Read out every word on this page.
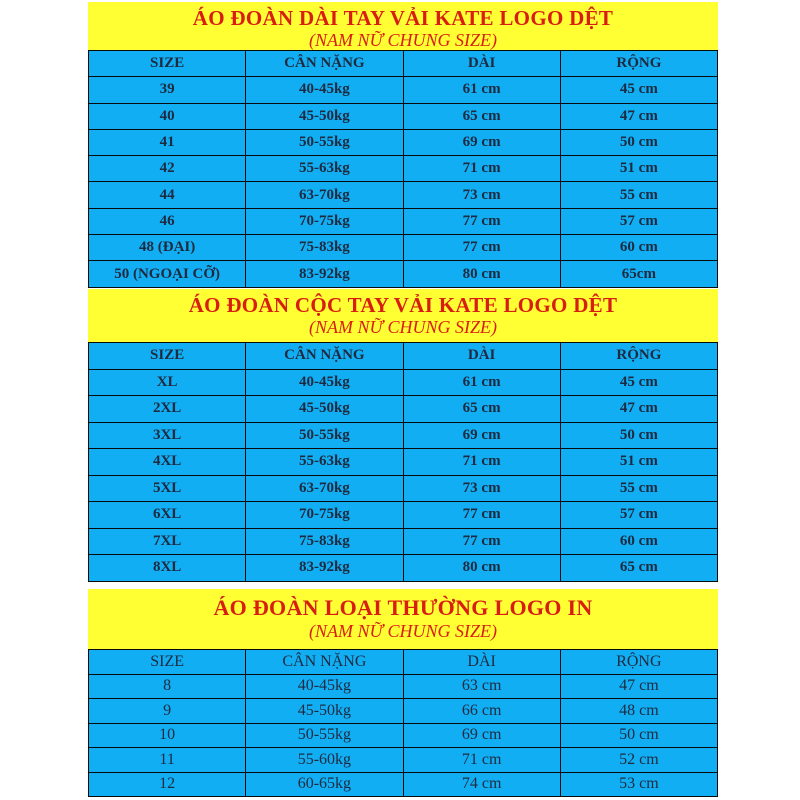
ÁO ĐOÀN DÀI TAY VẢI KATE LOGO DỆT
(NAM NỮ CHUNG SIZE)
SIZE	CÂN NẶNG	DÀI	RỘNG
39	40-45kg	61 cm	45 cm
40	45-50kg	65 cm	47 cm
41	50-55kg	69 cm	50 cm
42	55-63kg	71 cm	51 cm
44	63-70kg	73 cm	55 cm
46	70-75kg	77 cm	57 cm
48 (ĐẠI)	75-83kg	77 cm	60 cm
50 (NGOẠI CỠ)	83-92kg	80 cm	65cm
ÁO ĐOÀN CỘC TAY VẢI KATE LOGO DỆT
(NAM NỮ CHUNG SIZE)
SIZE	CÂN NẶNG	DÀI	RỘNG
XL	40-45kg	61 cm	45 cm
2XL	45-50kg	65 cm	47 cm
3XL	50-55kg	69 cm	50 cm
4XL	55-63kg	71 cm	51 cm
5XL	63-70kg	73 cm	55 cm
6XL	70-75kg	77 cm	57 cm
7XL	75-83kg	77 cm	60 cm
8XL	83-92kg	80 cm	65 cm
ÁO ĐOÀN LOẠI THƯỜNG LOGO IN
(NAM NỮ CHUNG SIZE)
SIZE	CÂN NẶNG	DÀI	RỘNG
8	40-45kg	63 cm	47 cm
9	45-50kg	66 cm	48 cm
10	50-55kg	69 cm	50 cm
11	55-60kg	71 cm	52 cm
12	60-65kg	74 cm	53 cm
